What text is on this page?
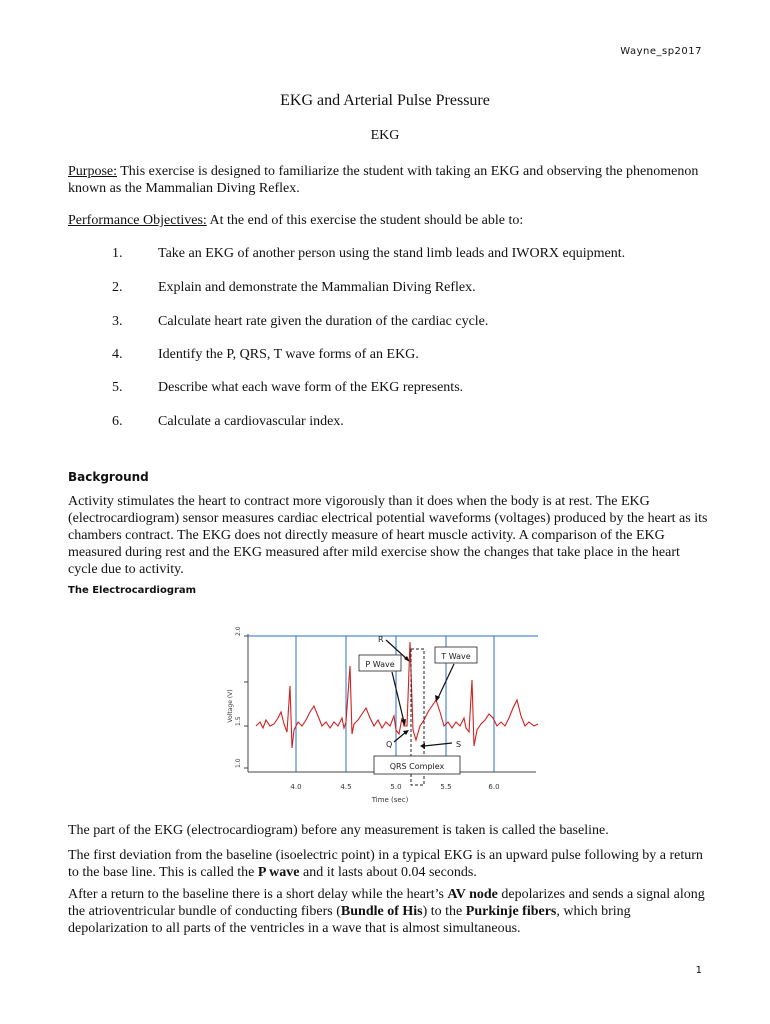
Wayne_sp2017
EKG and Arterial Pulse Pressure
EKG
Purpose: This exercise is designed to familiarize the student with taking an EKG and observing the phenomenon known as the Mammalian Diving Reflex.
Performance Objectives: At the end of this exercise the student should be able to:
1.	Take an EKG of another person using the stand limb leads and IWORX equipment.
2.	Explain and demonstrate the Mammalian Diving Reflex.
3.	Calculate heart rate given the duration of the cardiac cycle.
4.	Identify the P, QRS, T wave forms of an EKG.
5.	Describe what each wave form of the EKG represents.
6.	Calculate a cardiovascular index.
Background
Activity stimulates the heart to contract more vigorously than it does when the body is at rest. The EKG (electrocardiogram) sensor measures cardiac electrical potential waveforms (voltages) produced by the heart as its chambers contract. The EKG does not directly measure of heart muscle activity. A comparison of the EKG measured during rest and the EKG measured after mild exercise show the changes that take place in the heart cycle due to activity.
The Electrocardiogram
2.0
1.5
1.0
Voltage (V)
4.0	4.5	5.0	5.5	6.0
Time (sec)
R
P Wave
T Wave
Q	S
QRS Complex
The part of the EKG (electrocardiogram) before any measurement is taken is called the baseline.
The first deviation from the baseline (isoelectric point) in a typical EKG is an upward pulse following by a return to the base line. This is called the P wave and it lasts about 0.04 seconds.
After a return to the baseline there is a short delay while the heart’s AV node depolarizes and sends a signal along the atrioventricular bundle of conducting fibers (Bundle of His) to the Purkinje fibers, which bring depolarization to all parts of the ventricles in a wave that is almost simultaneous.
1
